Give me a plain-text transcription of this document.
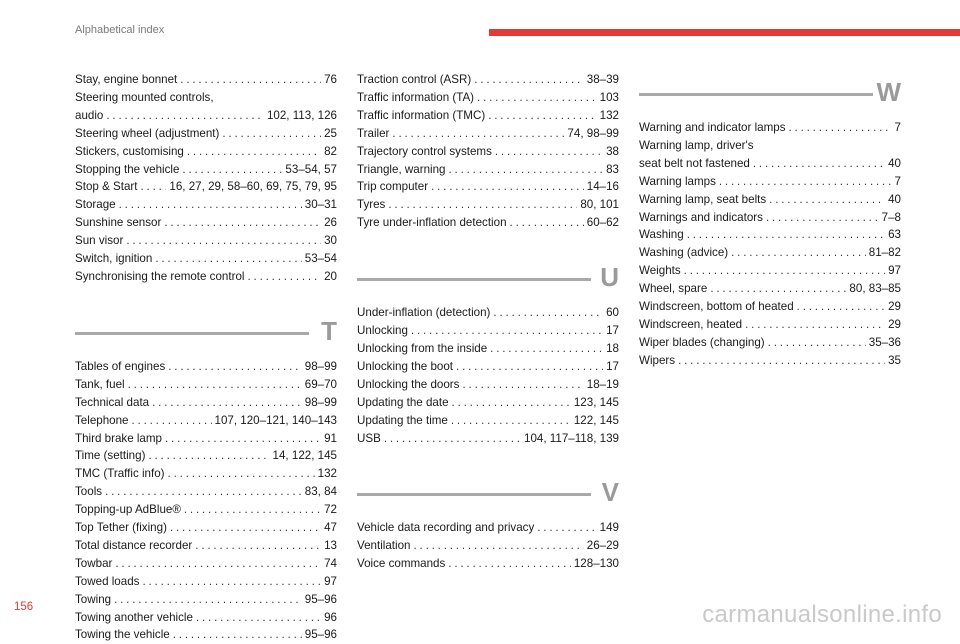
Alphabetical index
Stay, engine bonnet . . .	76
Steering mounted controls,
audio . . .	102, 113, 126
Steering wheel (adjustment) . . .	25
Stickers, customising . . .	82
Stopping the vehicle . . .	53–54, 57
Stop & Start . . .	16, 27, 29, 58–60, 69, 75, 79, 95
Storage . . .	30–31
Sunshine sensor . . .	26
Sun visor . . .	30
Switch, ignition . . .	53–54
Synchronising the remote control . . .	20
T
Tables of engines . . .	98–99
Tank, fuel . . .	69–70
Technical data . . .	98–99
Telephone . . .	107, 120–121, 140–143
Third brake lamp . . .	91
Time (setting) . . .	14, 122, 145
TMC (Traffic info) . . .	132
Tools . . .	83, 84
Topping-up AdBlue® . . .	72
Top Tether (fixing) . . .	47
Total distance recorder . . .	13
Towbar . . .	74
Towed loads . . .	97
Towing . . .	95–96
Towing another vehicle . . .	96
Towing the vehicle . . .	95–96
Traction control (ASR) . . .	38–39
Traffic information (TA) . . .	103
Traffic information (TMC) . . .	132
Trailer . . .	74, 98–99
Trajectory control systems . . .	38
Triangle, warning . . .	83
Trip computer . . .	14–16
Tyres . . .	80, 101
Tyre under-inflation detection . . .	60–62
U
Under-inflation (detection) . . .	60
Unlocking . . .	17
Unlocking from the inside . . .	18
Unlocking the boot . . .	17
Unlocking the doors . . .	18–19
Updating the date . . .	123, 145
Updating the time . . .	122, 145
USB . . .	104, 117–118, 139
V
Vehicle data recording and privacy . . .	149
Ventilation . . .	26–29
Voice commands . . .	128–130
W
Warning and indicator lamps . . .	7
Warning lamp, driver's
seat belt not fastened . . .	40
Warning lamps . . .	7
Warning lamp, seat belts . . .	40
Warnings and indicators . . .	7–8
Washing . . .	63
Washing (advice) . . .	81–82
Weights . . .	97
Wheel, spare . . .	80, 83–85
Windscreen, bottom of heated . . .	29
Windscreen, heated . . .	29
Wiper blades (changing) . . .	35–36
Wipers . . .	35
156	carmanualsonline.info
